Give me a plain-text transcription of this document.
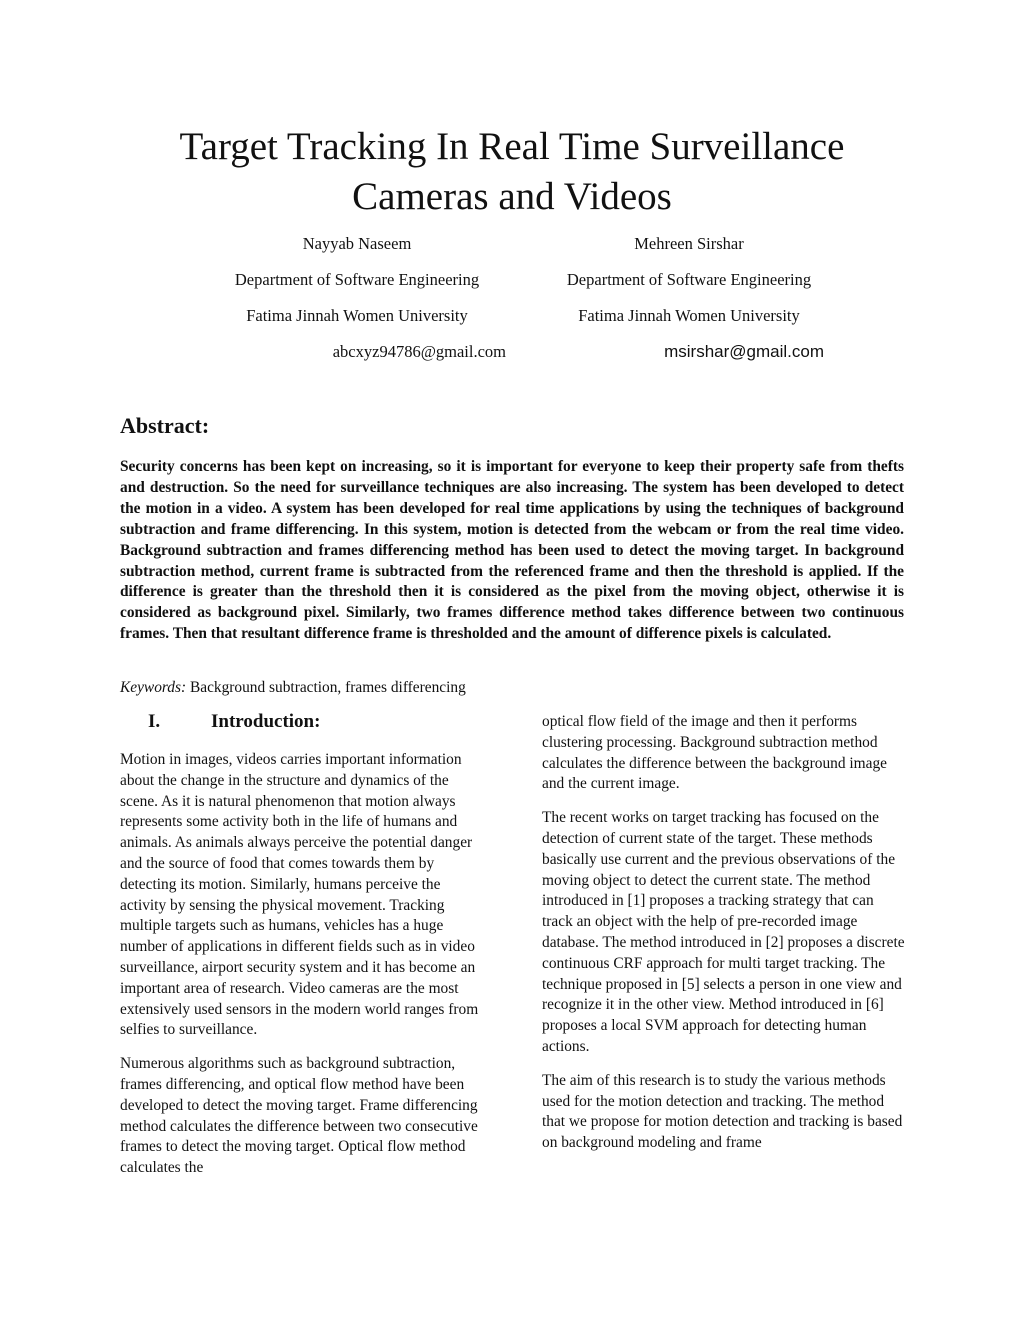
Target Tracking In Real Time Surveillance
Cameras and Videos
Nayyab Naseem
Department of Software Engineering
Fatima Jinnah Women University
abcxyz94786@gmail.com
Mehreen Sirshar
Department of Software Engineering
Fatima Jinnah Women University
msirshar@gmail.com
Abstract:

Security concerns has been kept on increasing, so it is important for everyone to keep their property safe from thefts and destruction. So the need for surveillance techniques are also increasing. The system has been developed to detect the motion in a video. A system has been developed for real time applications by using the techniques of background subtraction and frame differencing. In this system, motion is detected from the webcam or from the real time video. Background subtraction and frames differencing method has been used to detect the moving target. In background subtraction method, current frame is subtracted from the referenced frame and then the threshold is applied. If the difference is greater than the threshold then it is considered as the pixel from the moving object, otherwise it is considered as background pixel. Similarly, two frames difference method takes difference between two continuous frames. Then that resultant difference frame is thresholded and the amount of difference pixels is calculated.

Keywords: Background subtraction, frames differencing

I.	Introduction:

Motion in images, videos carries important information about the change in the structure and dynamics of the scene. As it is natural phenomenon that motion always represents some activity both in the life of humans and animals. As animals always perceive the potential danger and the source of food that comes towards them by detecting its motion. Similarly, humans perceive the activity by sensing the physical movement. Tracking multiple targets such as humans, vehicles has a huge number of applications in different fields such as in video surveillance, airport security system and it has become an important area of research. Video cameras are the most extensively used sensors in the modern world ranges from selfies to surveillance.

Numerous algorithms such as background subtraction, frames differencing, and optical flow method have been developed to detect the moving target. Frame differencing method calculates the difference between two consecutive frames to detect the moving target. Optical flow method calculates the

optical flow field of the image and then it performs clustering processing. Background subtraction method calculates the difference between the background image and the current image.

The recent works on target tracking has focused on the detection of current state of the target. These methods basically use current and the previous observations of the moving object to detect the current state. The method introduced in [1] proposes a tracking strategy that can track an object with the help of pre-recorded image database. The method introduced in [2] proposes a discrete continuous CRF approach for multi target tracking. The technique proposed in [5] selects a person in one view and recognize it in the other view. Method introduced in [6] proposes a local SVM approach for detecting human actions.

The aim of this research is to study the various methods used for the motion detection and tracking. The method that we propose for motion detection and tracking is based on background modeling and frame
